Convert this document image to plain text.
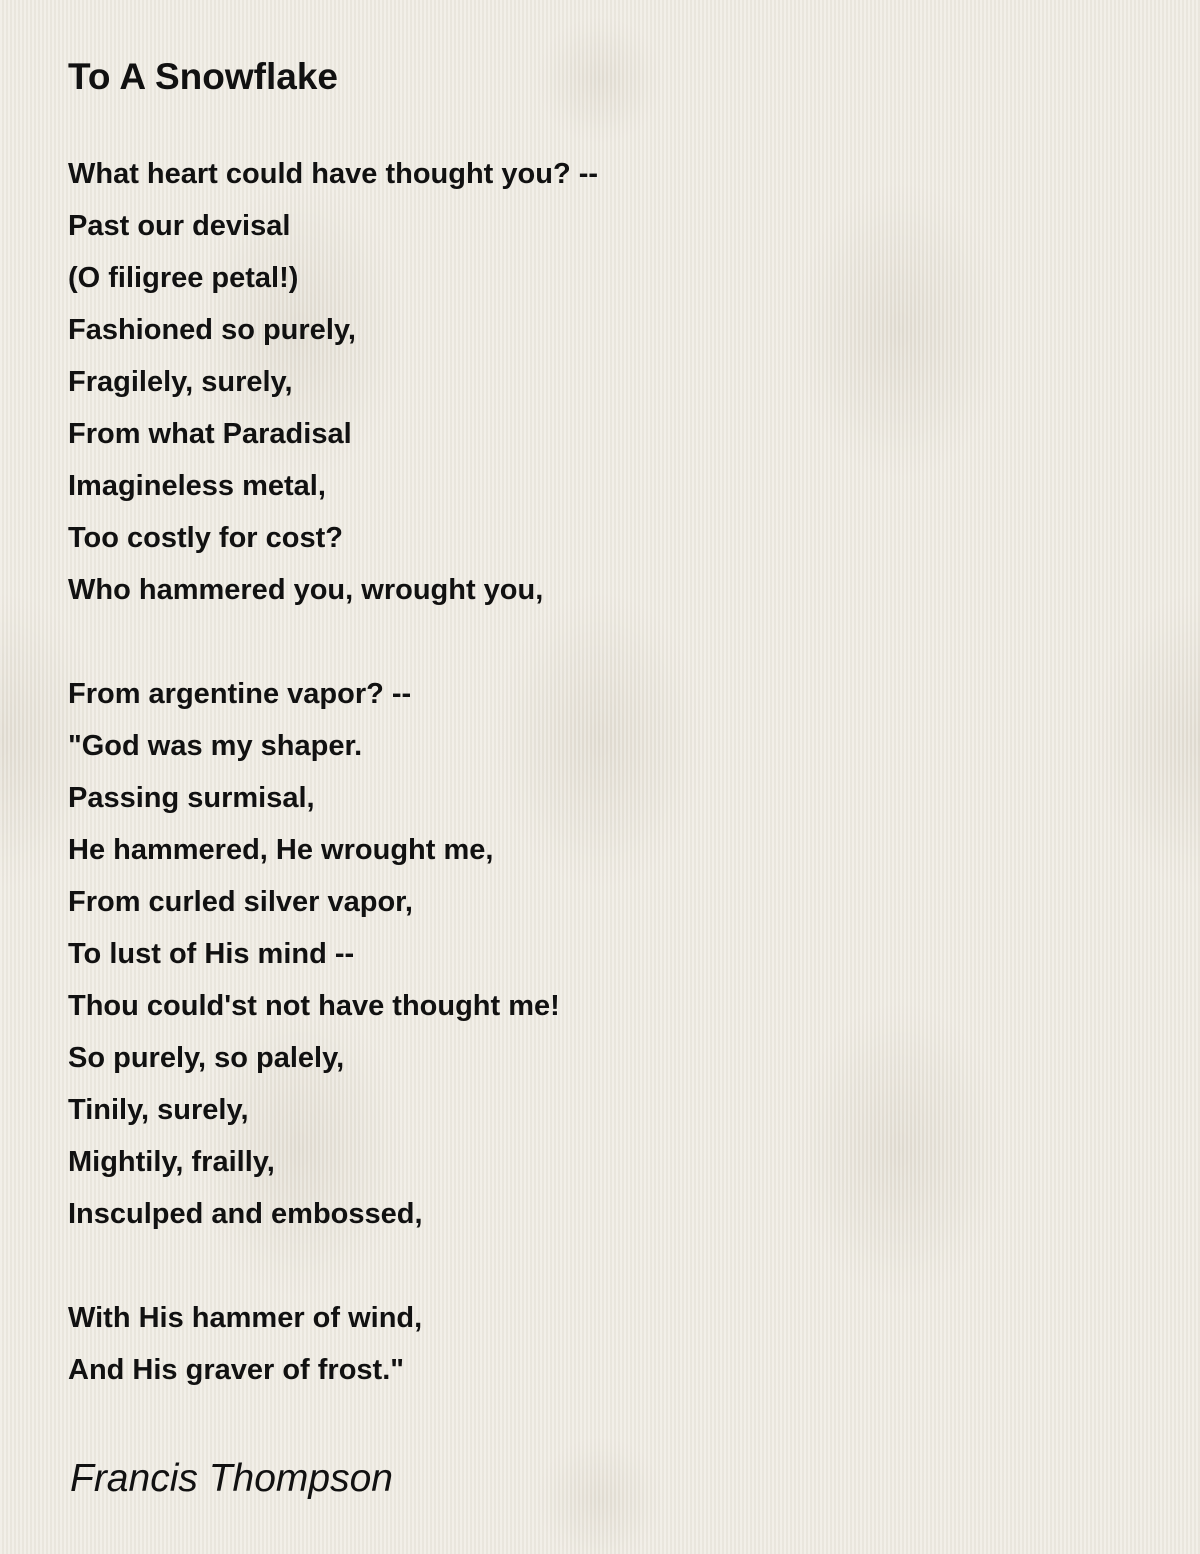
To A Snowflake
What heart could have thought you? --
Past our devisal
(O filigree petal!)
Fashioned so purely,
Fragilely, surely,
From what Paradisal
Imagineless metal,
Too costly for cost?
Who hammered you, wrought you,
From argentine vapor? --
"God was my shaper.
Passing surmisal,
He hammered, He wrought me,
From curled silver vapor,
To lust of His mind --
Thou could'st not have thought me!
So purely, so palely,
Tinily, surely,
Mightily, frailly,
Insculped and embossed,
With His hammer of wind,
And His graver of frost."
Francis Thompson
